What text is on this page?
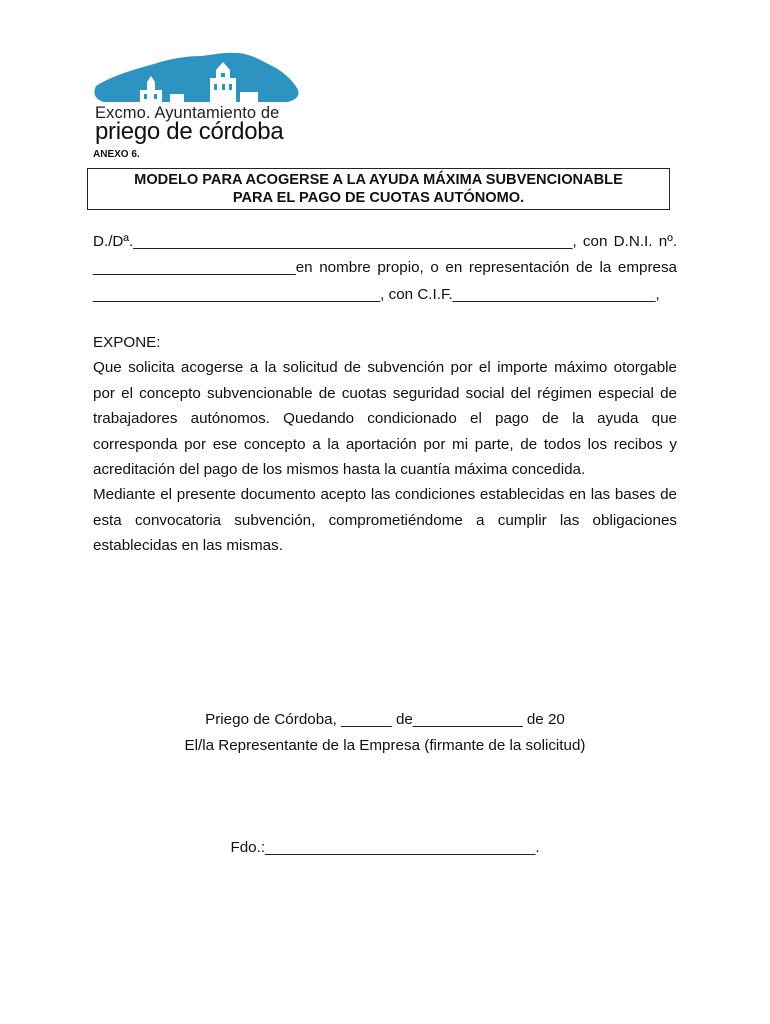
Excmo. Ayuntamiento de
priego de córdoba
ANEXO 6.
MODELO PARA ACOGERSE A LA AYUDA MÁXIMA SUBVENCIONABLE
PARA EL PAGO DE CUOTAS AUTÓNOMO.
D./Dª.____________________________________________________, con D.N.I. nº.
________________________ en nombre propio, o en representación de la empresa
__________________________________, con C.I.F.________________________,
EXPONE:
Que solicita acogerse a la solicitud de subvención por el importe máximo otorgable por el concepto subvencionable de cuotas seguridad social del régimen especial de trabajadores autónomos. Quedando condicionado el pago de la ayuda que corresponda por ese concepto a la aportación por mi parte, de todos los recibos y acreditación del pago de los mismos hasta la cuantía máxima concedida.
Mediante el presente documento acepto las condiciones establecidas en las bases de esta convocatoria subvención, comprometiéndome a cumplir las obligaciones establecidas en las mismas.
Priego de Córdoba, ______ de_____________ de 20
El/la Representante de la Empresa (firmante de la solicitud)
Fdo.:________________________________.
